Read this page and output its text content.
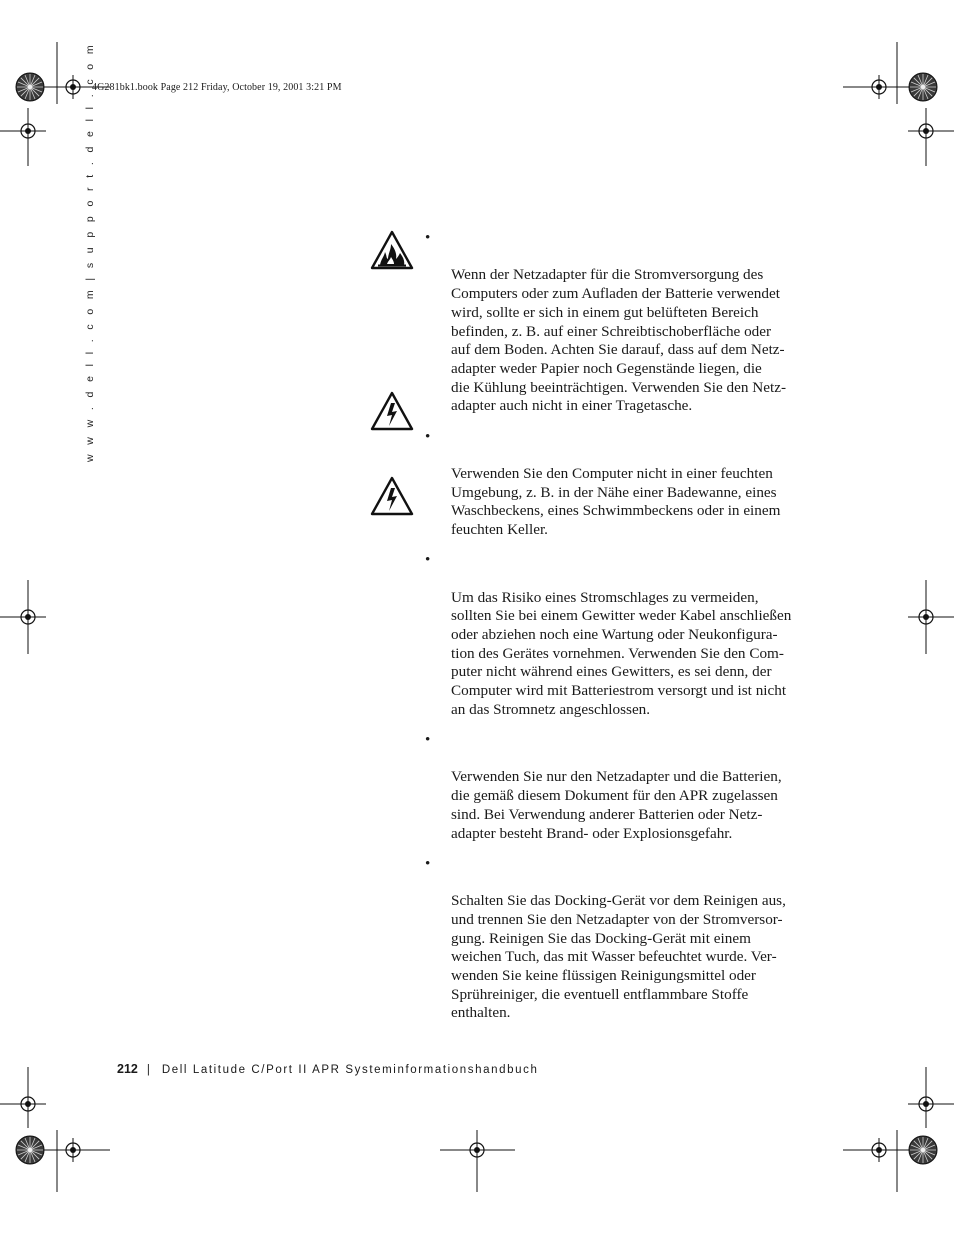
4G281bk1.book Page 212 Friday, October 19, 2001 3:21 PM
w w w . d e l l . c o m | s u p p o r t . d e l l . c o m	•

Wenn der Netzadapter für die Stromversorgung des
Computers oder zum Aufladen der Batterie verwendet
wird, sollte er sich in einem gut belüfteten Bereich
befinden, z. B. auf einer Schreibtischoberfläche oder
auf dem Boden. Achten Sie darauf, dass auf dem Netz-
adapter weder Papier noch Gegenstände liegen, die
die Kühlung beeinträchtigen. Verwenden Sie den Netz-
adapter auch nicht in einer Tragetasche.

•

Verwenden Sie den Computer nicht in einer feuchten
Umgebung, z. B. in der Nähe einer Badewanne, eines
Waschbeckens, eines Schwimmbeckens oder in einem
feuchten Keller.

•

Um das Risiko eines Stromschlages zu vermeiden,
sollten Sie bei einem Gewitter weder Kabel anschließen
oder abziehen noch eine Wartung oder Neukonfigura-
tion des Gerätes vornehmen. Verwenden Sie den Com-
puter nicht während eines Gewitters, es sei denn, der
Computer wird mit Batteriestrom versorgt und ist nicht
an das Stromnetz angeschlossen.

•

Verwenden Sie nur den Netzadapter und die Batterien,
die gemäß diesem Dokument für den APR zugelassen
sind. Bei Verwendung anderer Batterien oder Netz-
adapter besteht Brand- oder Explosionsgefahr.

•

Schalten Sie das Docking-Gerät vor dem Reinigen aus,
und trennen Sie den Netzadapter von der Stromversor-
gung. Reinigen Sie das Docking-Gerät mit einem
weichen Tuch, das mit Wasser befeuchtet wurde. Ver-
wenden Sie keine flüssigen Reinigungsmittel oder
Sprühreiniger, die eventuell entflammbare Stoffe
enthalten.

212 | Dell Latitude C/Port II APR Systeminformationshandbuch
